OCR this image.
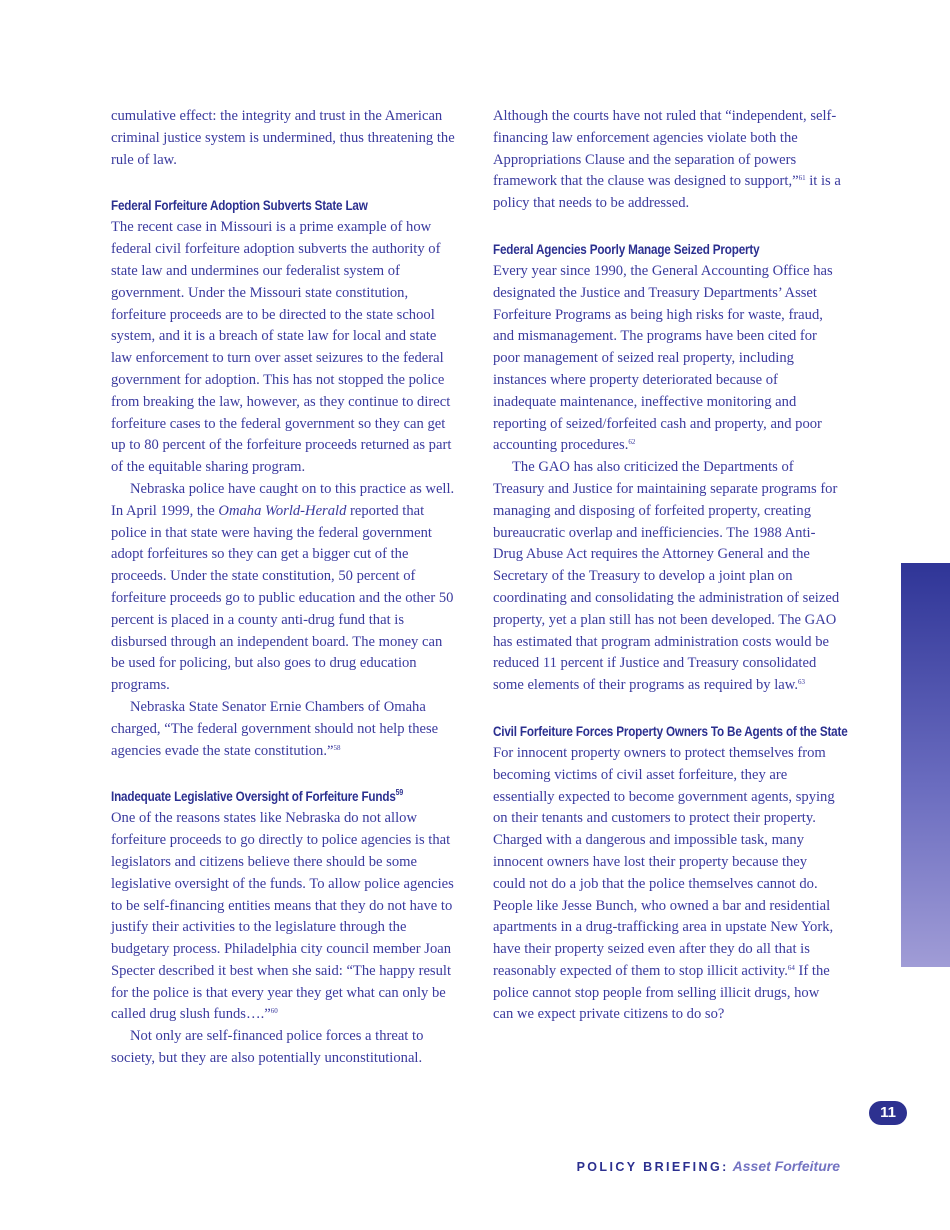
cumulative effect: the integrity and trust in the American criminal justice system is undermined, thus threatening the rule of law.

Federal Forfeiture Adoption Subverts State Law

The recent case in Missouri is a prime example of how federal civil forfeiture adoption subverts the authority of state law and undermines our federalist system of government. Under the Missouri state constitution, forfeiture proceeds are to be directed to the state school system, and it is a breach of state law for local and state law enforcement to turn over asset seizures to the federal government for adoption. This has not stopped the police from breaking the law, however, as they continue to direct forfeiture cases to the federal government so they can get up to 80 percent of the forfeiture proceeds returned as part of the equitable sharing program.

Nebraska police have caught on to this practice as well. In April 1999, the Omaha World-Herald reported that police in that state were having the federal government adopt forfeitures so they can get a bigger cut of the proceeds. Under the state constitution, 50 percent of forfeiture proceeds go to public education and the other 50 percent is placed in a county anti-drug fund that is disbursed through an independent board. The money can be used for policing, but also goes to drug education programs.

Nebraska State Senator Ernie Chambers of Omaha charged, “The federal government should not help these agencies evade the state constitution.”$^{58}$

Inadequate Legislative Oversight of Forfeiture Funds$^{59}$

One of the reasons states like Nebraska do not allow forfeiture proceeds to go directly to police agencies is that legislators and citizens believe there should be some legislative oversight of the funds. To allow police agencies to be self-financing entities means that they do not have to justify their activities to the legislature through the budgetary process. Philadelphia city council member Joan Specter described it best when she said: “The happy result for the police is that every year they get what can only be called drug slush funds….”$^{60}$

Not only are self-financed police forces a threat to society, but they are also potentially unconstitutional.

Although the courts have not ruled that “independent, self-financing law enforcement agencies violate both the Appropriations Clause and the separation of powers framework that the clause was designed to support,”$^{61}$ it is a policy that needs to be addressed.

Federal Agencies Poorly Manage Seized Property

Every year since 1990, the General Accounting Office has designated the Justice and Treasury Departments’ Asset Forfeiture Programs as being high risks for waste, fraud, and mismanagement. The programs have been cited for poor management of seized real property, including instances where property deteriorated because of inadequate maintenance, ineffective monitoring and reporting of seized/forfeited cash and property, and poor accounting procedures.$^{62}$

The GAO has also criticized the Departments of Treasury and Justice for maintaining separate programs for managing and disposing of forfeited property, creating bureaucratic overlap and inefficiencies. The 1988 Anti-Drug Abuse Act requires the Attorney General and the Secretary of the Treasury to develop a joint plan on coordinating and consolidating the administration of seized property, yet a plan still has not been developed. The GAO has estimated that program administration costs would be reduced 11 percent if Justice and Treasury consolidated some elements of their programs as required by law.$^{63}$

Civil Forfeiture Forces Property Owners To Be Agents of the State

For innocent property owners to protect themselves from becoming victims of civil asset forfeiture, they are essentially expected to become government agents, spying on their tenants and customers to protect their property. Charged with a dangerous and impossible task, many innocent owners have lost their property because they could not do a job that the police themselves cannot do. People like Jesse Bunch, who owned a bar and residential apartments in a drug-trafficking area in upstate New York, have their property seized even after they do all that is reasonably expected of them to stop illicit activity.$^{64}$ If the police cannot stop people from selling illicit drugs, how can we expect private citizens to do so?

11
POLICY BRIEFING: Asset Forfeiture
